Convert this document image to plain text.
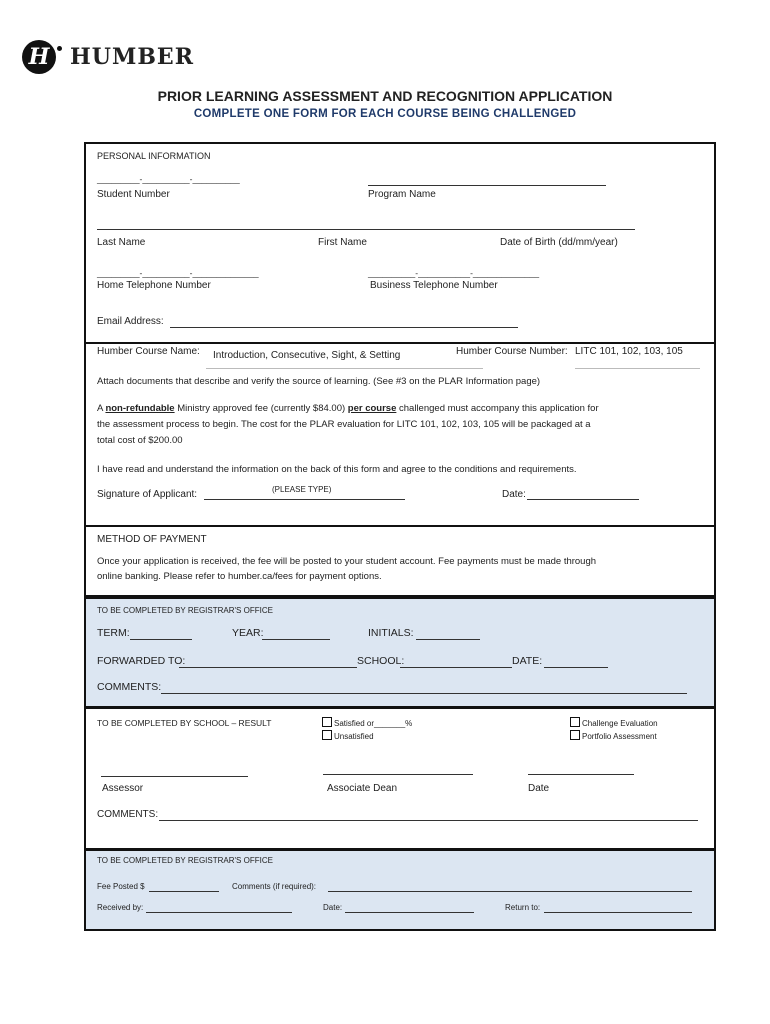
H HUMBER
PRIOR LEARNING ASSESSMENT AND RECOGNITION APPLICATION
COMPLETE ONE FORM FOR EACH COURSE BEING CHALLENGED
PERSONAL INFORMATION
_________-__________-__________
Student Number	Program Name
Last Name	First Name	Date of Birth (dd/mm/year)
_________-__________-______________
Home Telephone Number
__________-___________-______________
Business Telephone Number
Email Address:
Humber Course Name: Introduction, Consecutive, Sight, & Setting	Humber Course Number: LITC 101, 102, 103, 105
Attach documents that describe and verify the source of learning. (See #3 on the PLAR Information page)
A non-refundable Ministry approved fee (currently $84.00) per course challenged must accompany this application for
the assessment process to begin. The cost for the PLAR evaluation for LITC 101, 102, 103, 105 will be packaged at a
total cost of $200.00
I have read and understand the information on the back of this form and agree to the conditions and requirements.
Signature of Applicant:	(PLEASE TYPE)	Date:
METHOD OF PAYMENT
Once your application is received, the fee will be posted to your student account. Fee payments must be made through
online banking. Please refer to humber.ca/fees for payment options.
TO BE COMPLETED BY REGISTRAR'S OFFICE
TERM:	YEAR:	INITIALS:
FORWARDED TO:	SCHOOL:	DATE:
COMMENTS:
TO BE COMPLETED BY SCHOOL – RESULT	Satisfied or_______%
Unsatisfied
Challenge Evaluation
Portfolio Assessment
Assessor	Associate Dean	Date
COMMENTS:
TO BE COMPLETED BY REGISTRAR'S OFFICE
Fee Posted $	Comments (if required):
Received by:	Date:	Return to:
